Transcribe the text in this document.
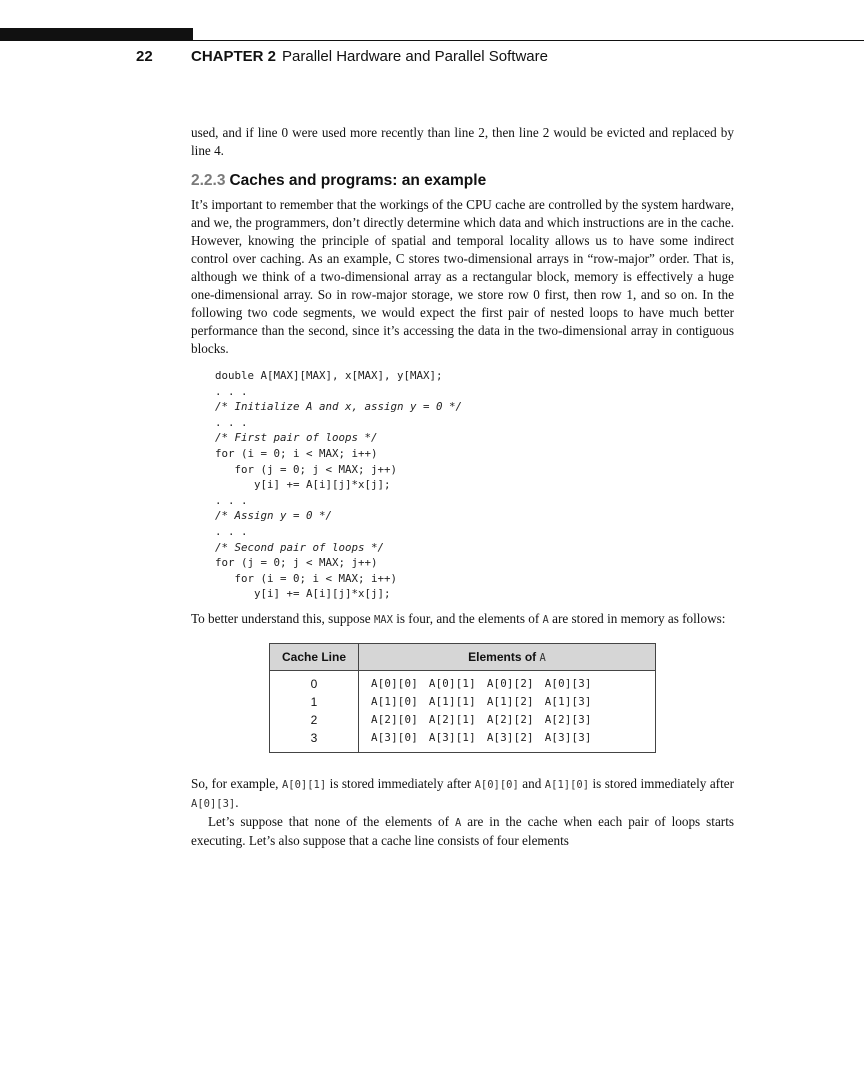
22	CHAPTER 2 Parallel Hardware and Parallel Software

used, and if line 0 were used more recently than line 2, then line 2 would be evicted and replaced by line 4.

2.2.3 Caches and programs: an example

It’s important to remember that the workings of the CPU cache are controlled by the system hardware, and we, the programmers, don’t directly determine which data and which instructions are in the cache. However, knowing the principle of spatial and temporal locality allows us to have some indirect control over caching. As an example, C stores two-dimensional arrays in “row-major” order. That is, although we think of a two-dimensional array as a rectangular block, memory is effectively a huge one-dimensional array. So in row-major storage, we store row 0 first, then row 1, and so on. In the following two code segments, we would expect the first pair of nested loops to have much better performance than the second, since it’s accessing the data in the two-dimensional array in contiguous blocks.

double A[MAX][MAX], x[MAX], y[MAX];
. . .
/* Initialize A and x, assign y = 0 */
. . .
/* First pair of loops */
for (i = 0; i < MAX; i++)
for (j = 0; j < MAX; j++)
y[i] += A[i][j]*x[j];
. . .
/* Assign y = 0 */
. . .
/* Second pair of loops */
for (j = 0; j < MAX; j++)
for (i = 0; i < MAX; i++)
y[i] += A[i][j]*x[j];

To better understand this, suppose MAX is four, and the elements of A are stored in memory as follows:

Cache Line	Elements of A
0	A[0][0] A[0][1] A[0][2] A[0][3]
1	A[1][0] A[1][1] A[1][2] A[1][3]
2	A[2][0] A[2][1] A[2][2] A[2][3]
3	A[3][0] A[3][1] A[3][2] A[3][3]

So, for example, A[0][1] is stored immediately after A[0][0] and A[1][0] is stored immediately after A[0][3].

Let’s suppose that none of the elements of A are in the cache when each pair of loops starts executing. Let’s also suppose that a cache line consists of four elements
